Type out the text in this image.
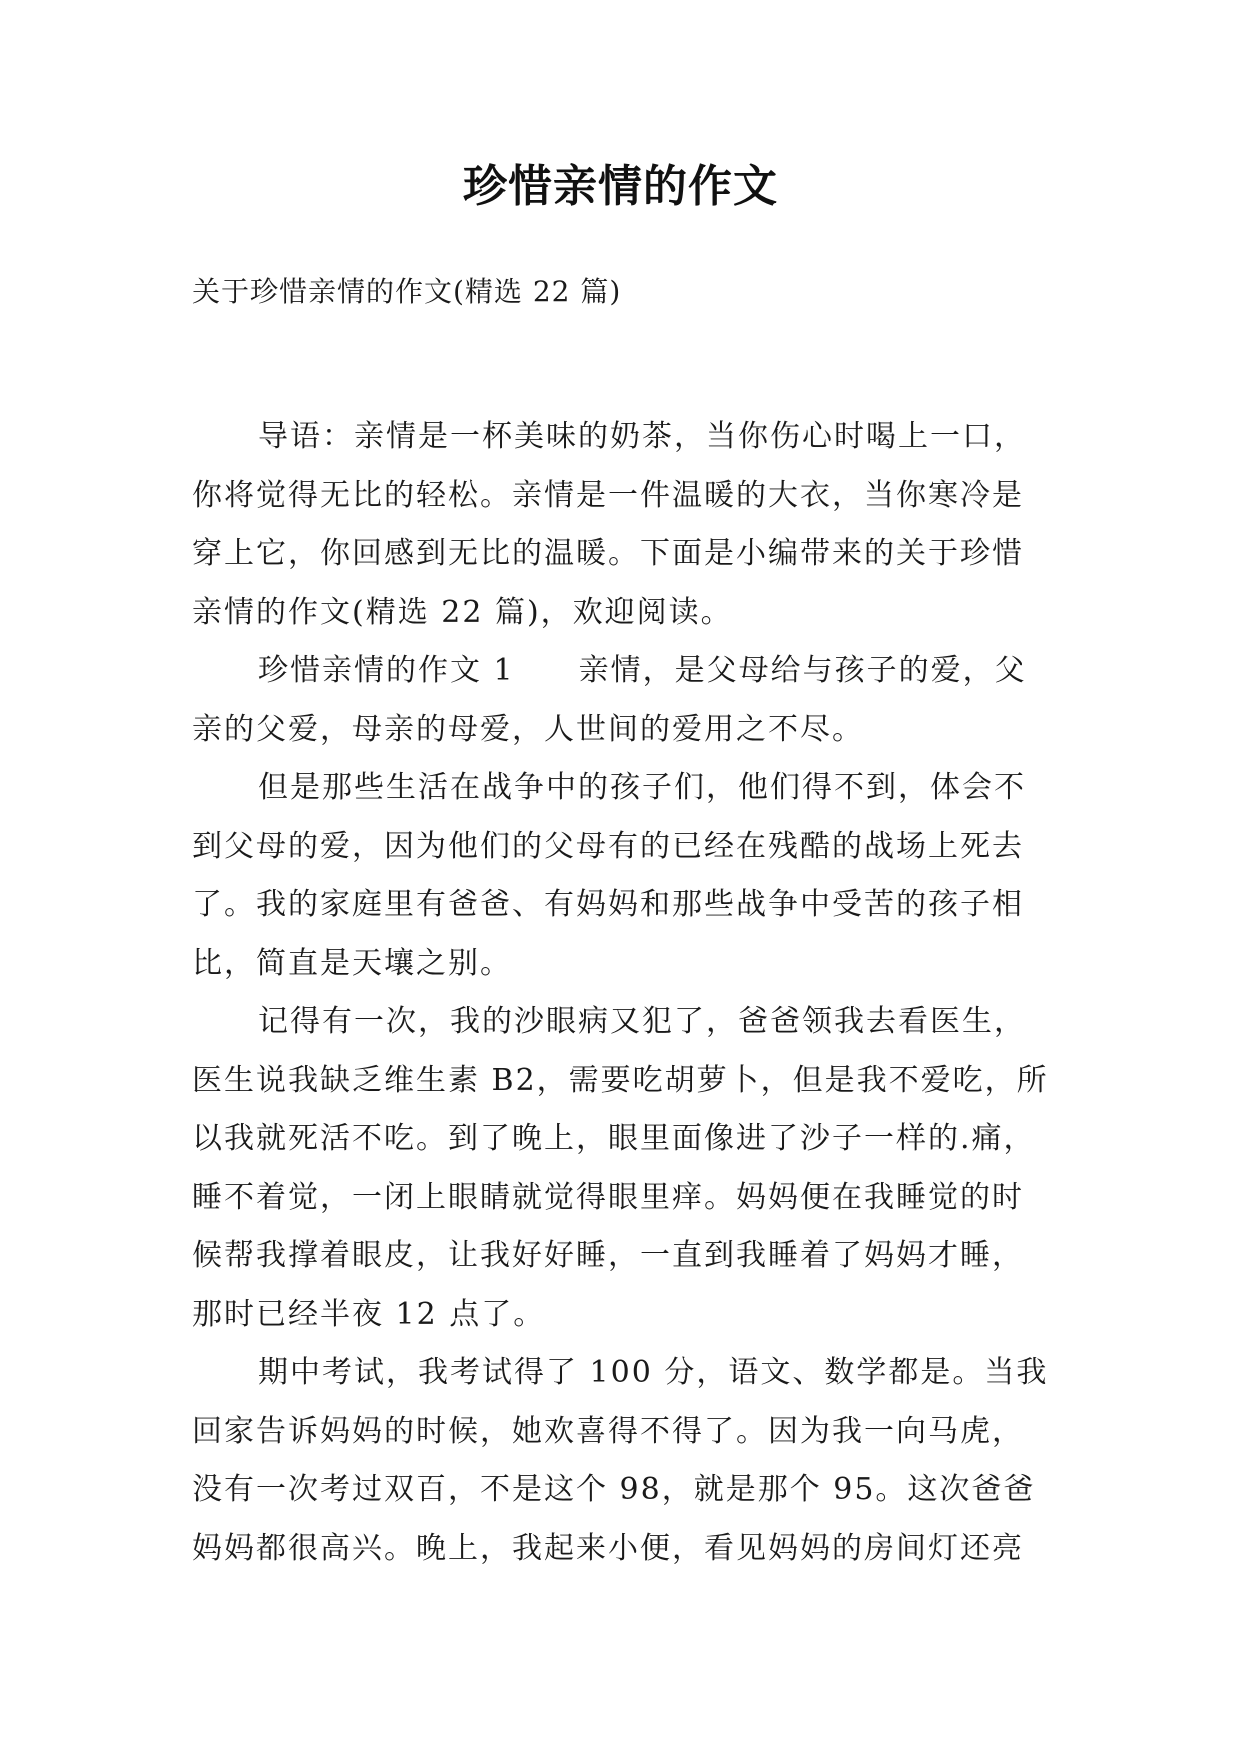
珍惜亲情的作文
关于珍惜亲情的作文(精选 22 篇)
导语：亲情是一杯美味的奶茶，当你伤心时喝上一口，
你将觉得无比的轻松。亲情是一件温暖的大衣，当你寒冷是
穿上它，你回感到无比的温暖。下面是小编带来的关于珍惜
亲情的作文(精选 22 篇)，欢迎阅读。
珍惜亲情的作文 1　　亲情，是父母给与孩子的爱，父
亲的父爱，母亲的母爱，人世间的爱用之不尽。
但是那些生活在战争中的孩子们，他们得不到，体会不
到父母的爱，因为他们的父母有的已经在残酷的战场上死去
了。我的家庭里有爸爸、有妈妈和那些战争中受苦的孩子相
比，简直是天壤之别。
记得有一次，我的沙眼病又犯了，爸爸领我去看医生，
医生说我缺乏维生素 B2，需要吃胡萝卜，但是我不爱吃，所
以我就死活不吃。到了晚上，眼里面像进了沙子一样的.痛，
睡不着觉，一闭上眼睛就觉得眼里痒。妈妈便在我睡觉的时
候帮我撑着眼皮，让我好好睡，一直到我睡着了妈妈才睡，
那时已经半夜 12 点了。
期中考试，我考试得了 100 分，语文、数学都是。当我
回家告诉妈妈的时候，她欢喜得不得了。因为我一向马虎，
没有一次考过双百，不是这个 98，就是那个 95。这次爸爸
妈妈都很高兴。晚上，我起来小便，看见妈妈的房间灯还亮
